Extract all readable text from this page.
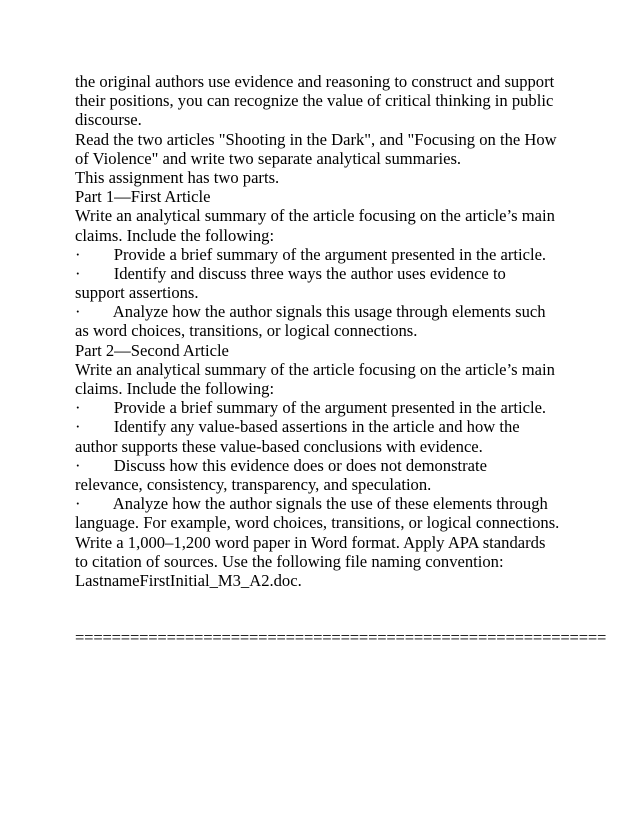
the original authors use evidence and reasoning to construct and support
their positions, you can recognize the value of critical thinking in public
discourse.
Read the two articles "Shooting in the Dark", and "Focusing on the How
of Violence" and write two separate analytical summaries.
This assignment has two parts.
Part 1—First Article
Write an analytical summary of the article focusing on the article’s main
claims. Include the following:
·        Provide a brief summary of the argument presented in the article.
·        Identify and discuss three ways the author uses evidence to
support assertions.
·        Analyze how the author signals this usage through elements such
as word choices, transitions, or logical connections.
Part 2—Second Article
Write an analytical summary of the article focusing on the article’s main
claims. Include the following:
·        Provide a brief summary of the argument presented in the article.
·        Identify any value-based assertions in the article and how the
author supports these value-based conclusions with evidence.
·        Discuss how this evidence does or does not demonstrate
relevance, consistency, transparency, and speculation.
·        Analyze how the author signals the use of these elements through
language. For example, word choices, transitions, or logical connections.
Write a 1,000–1,200 word paper in Word format. Apply APA standards
to citation of sources. Use the following file naming convention:
LastnameFirstInitial_M3_A2.doc.
==========================================================
